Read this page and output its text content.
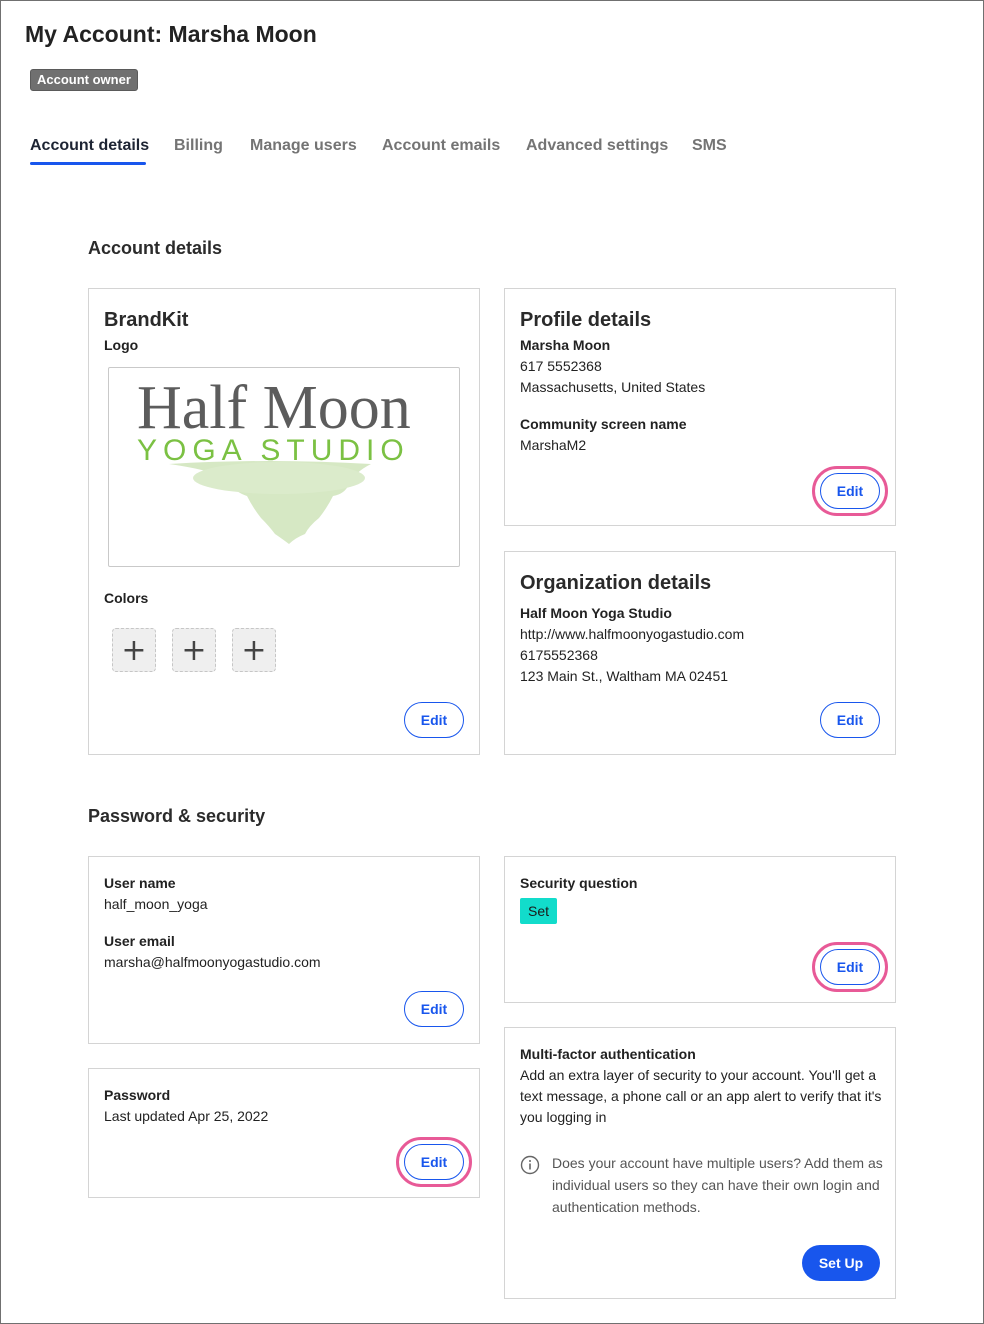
My Account: Marsha Moon
Account owner
Account details Billing Manage users Account emails Advanced settings SMS
Account details
BrandKit
Logo
Half Moon
YOGA STUDIO
Colors
+	+	+
Edit
Profile details
Marsha Moon
617 5552368
Massachusetts, United States
Community screen name
MarshaM2
Edit
Organization details
Half Moon Yoga Studio
http://www.halfmoonyogastudio.com
6175552368
123 Main St., Waltham MA 02451
Edit
Password & security
User name
half_moon_yoga
User email
marsha@halfmoonyogastudio.com
Edit
Password
Last updated Apr 25, 2022
Edit
Security question
Set
Edit
Multi-factor authentication

Add an extra layer of security to your account. You'll get a text message, a phone call or an app alert to verify that it's you logging in

Does your account have multiple users? Add them as individual users so they can have their own login and authentication methods.

Set Up
